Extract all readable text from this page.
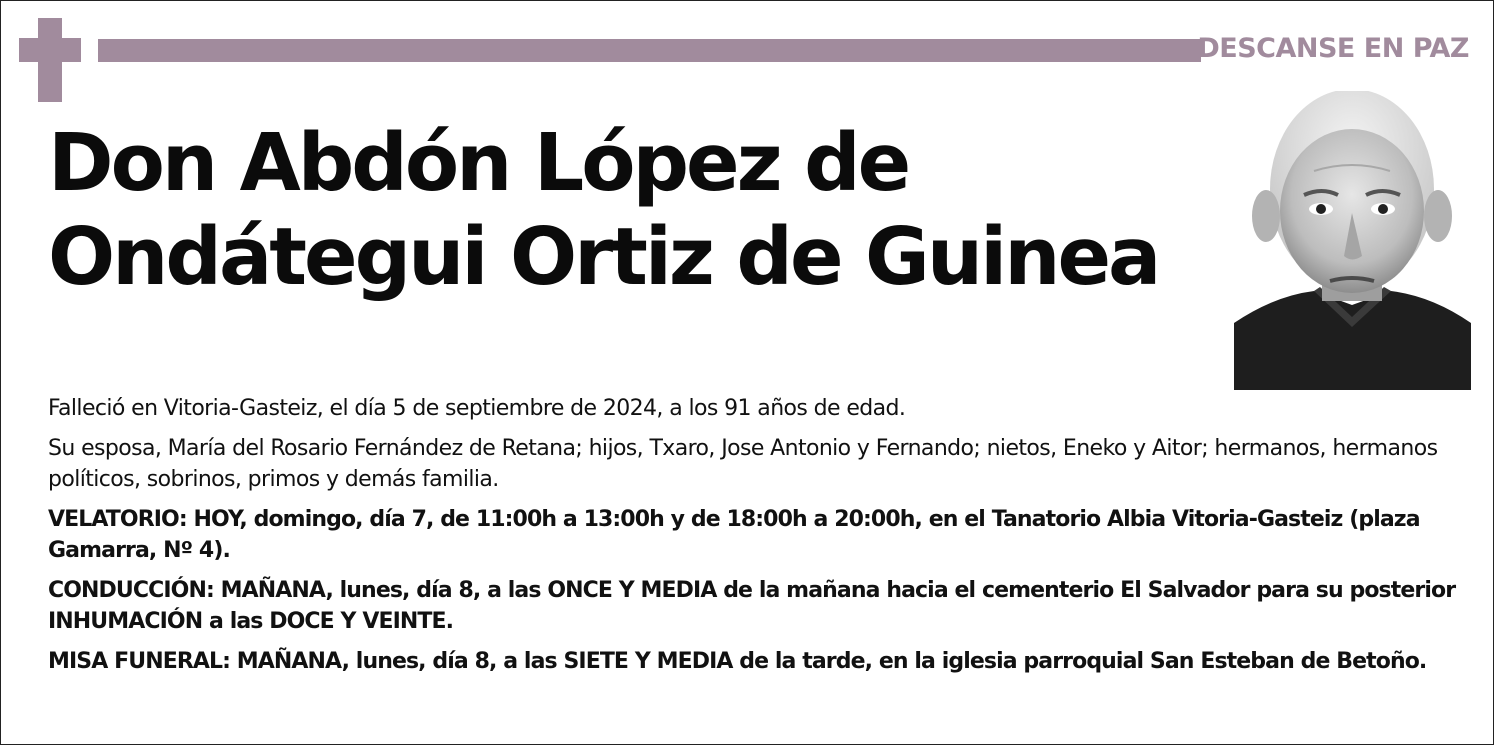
DESCANSE EN PAZ
Don Abdón López de
Ondátegui Ortiz de Guinea

Falleció en Vitoria-Gasteiz, el día 5 de septiembre de 2024, a los 91 años de edad.

Su esposa, María del Rosario Fernández de Retana; hijos, Txaro, Jose Antonio y Fernando; nietos, Eneko y Aitor; hermanos, hermanos políticos, sobrinos, primos y demás familia.

VELATORIO: HOY, domingo, día 7, de 11:00h a 13:00h y de 18:00h a 20:00h, en el Tanatorio Albia Vitoria-Gasteiz (plaza Gamarra, Nº 4).

CONDUCCIÓN: MAÑANA, lunes, día 8, a las ONCE Y MEDIA de la mañana hacia el cementerio El Salvador para su posterior INHUMACIÓN a las DOCE Y VEINTE.

MISA FUNERAL: MAÑANA, lunes, día 8, a las SIETE Y MEDIA de la tarde, en la iglesia parroquial San Esteban de Betoño.
